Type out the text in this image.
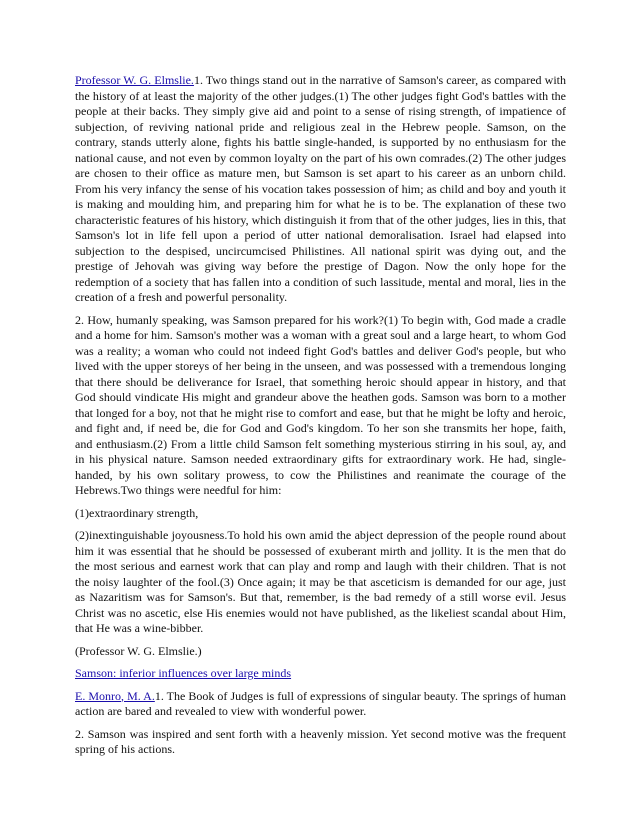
Professor W. G. Elmslie.1. Two things stand out in the narrative of Samson's career, as compared with the history of at least the majority of the other judges.(1) The other judges fight God's battles with the people at their backs. They simply give aid and point to a sense of rising strength, of impatience of subjection, of reviving national pride and religious zeal in the Hebrew people. Samson, on the contrary, stands utterly alone, fights his battle single-handed, is supported by no enthusiasm for the national cause, and not even by common loyalty on the part of his own comrades.(2) The other judges are chosen to their office as mature men, but Samson is set apart to his career as an unborn child. From his very infancy the sense of his vocation takes possession of him; as child and boy and youth it is making and moulding him, and preparing him for what he is to be. The explanation of these two characteristic features of his history, which distinguish it from that of the other judges, lies in this, that Samson's lot in life fell upon a period of utter national demoralisation. Israel had elapsed into subjection to the despised, uncircumcised Philistines. All national spirit was dying out, and the prestige of Jehovah was giving way before the prestige of Dagon. Now the only hope for the redemption of a society that has fallen into a condition of such lassitude, mental and moral, lies in the creation of a fresh and powerful personality.

2. How, humanly speaking, was Samson prepared for his work?(1) To begin with, God made a cradle and a home for him. Samson's mother was a woman with a great soul and a large heart, to whom God was a reality; a woman who could not indeed fight God's battles and deliver God's people, but who lived with the upper storeys of her being in the unseen, and was possessed with a tremendous longing that there should be deliverance for Israel, that something heroic should appear in history, and that God should vindicate His might and grandeur above the heathen gods. Samson was born to a mother that longed for a boy, not that he might rise to comfort and ease, but that he might be lofty and heroic, and fight and, if need be, die for God and God's kingdom. To her son she transmits her hope, faith, and enthusiasm.(2) From a little child Samson felt something mysterious stirring in his soul, ay, and in his physical nature. Samson needed extraordinary gifts for extraordinary work. He had, single-handed, by his own solitary prowess, to cow the Philistines and reanimate the courage of the Hebrews.Two things were needful for him:

(1)extraordinary strength,

(2)inextinguishable joyousness.To hold his own amid the abject depression of the people round about him it was essential that he should be possessed of exuberant mirth and jollity. It is the men that do the most serious and earnest work that can play and romp and laugh with their children. That is not the noisy laughter of the fool.(3) Once again; it may be that asceticism is demanded for our age, just as Nazaritism was for Samson's. But that, remember, is the bad remedy of a still worse evil. Jesus Christ was no ascetic, else His enemies would not have published, as the likeliest scandal about Him, that He was a wine-bibber.

(Professor W. G. Elmslie.)

Samson: inferior influences over large minds

E. Monro, M. A.1. The Book of Judges is full of expressions of singular beauty. The springs of human action are bared and revealed to view with wonderful power.

2. Samson was inspired and sent forth with a heavenly mission. Yet second motive was the frequent spring of his actions.
